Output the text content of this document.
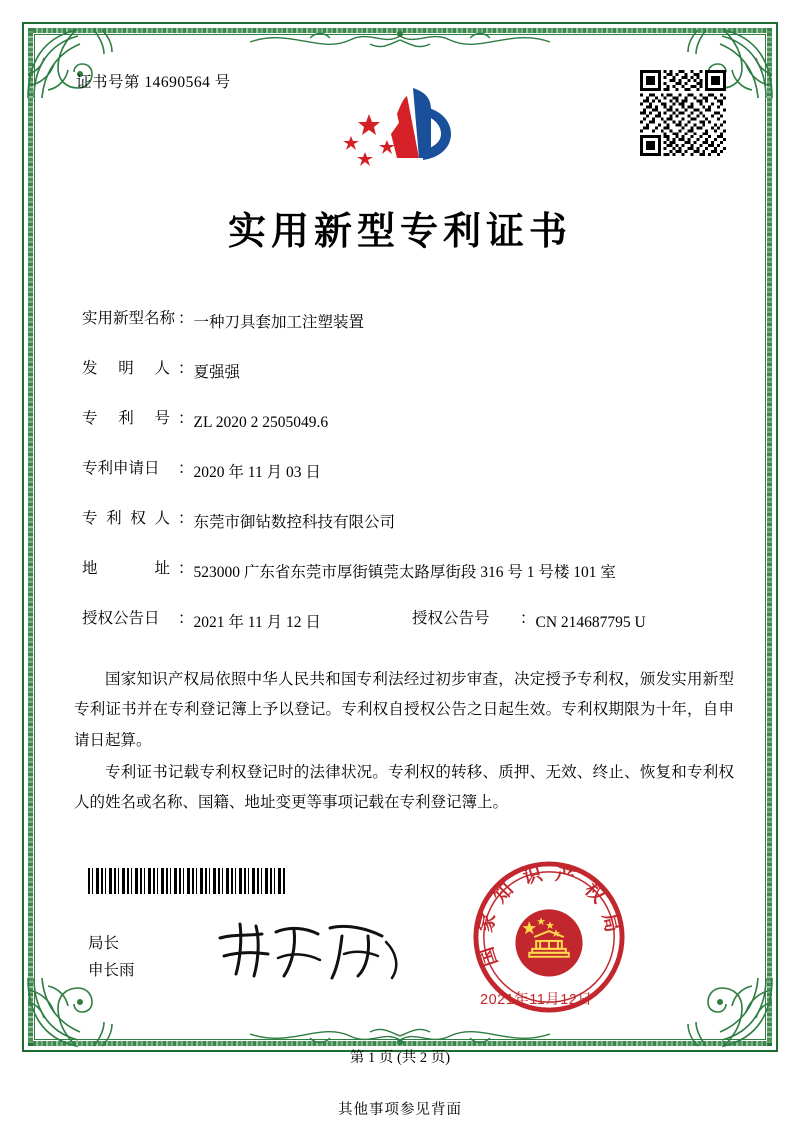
证书号第 14690564 号
实用新型专利证书
实用新型名称 ： 一种刀具套加工注塑装置
发 明 人 ： 夏强强
专 利 号 ： ZL 2020 2 2505049.6
专利申请日	： 2020 年 11 月 03 日
专 利 权 人 ： 东莞市御钻数控科技有限公司
地	址 ： 523000 广东省东莞市厚街镇莞太路厚街段 316 号 1 号楼 101 室
授权公告日	： 2021 年 11 月 12 日	授权公告号	： CN 214687795 U

国家知识产权局依照中华人民共和国专利法经过初步审查，决定授予专利权，颁发实用新型专利证书并在专利登记簿上予以登记。专利权自授权公告之日起生效。专利权期限为十年，自申请日起算。

专利证书记载专利权登记时的法律状况。专利权的转移、质押、无效、终止、恢复和专利权人的姓名或名称、国籍、地址变更等事项记载在专利登记簿上。

局长
申长雨
国
家
知
识 产
权
局
2021年11月12日
第 1 页 (共 2 页)
其他事项参见背面
